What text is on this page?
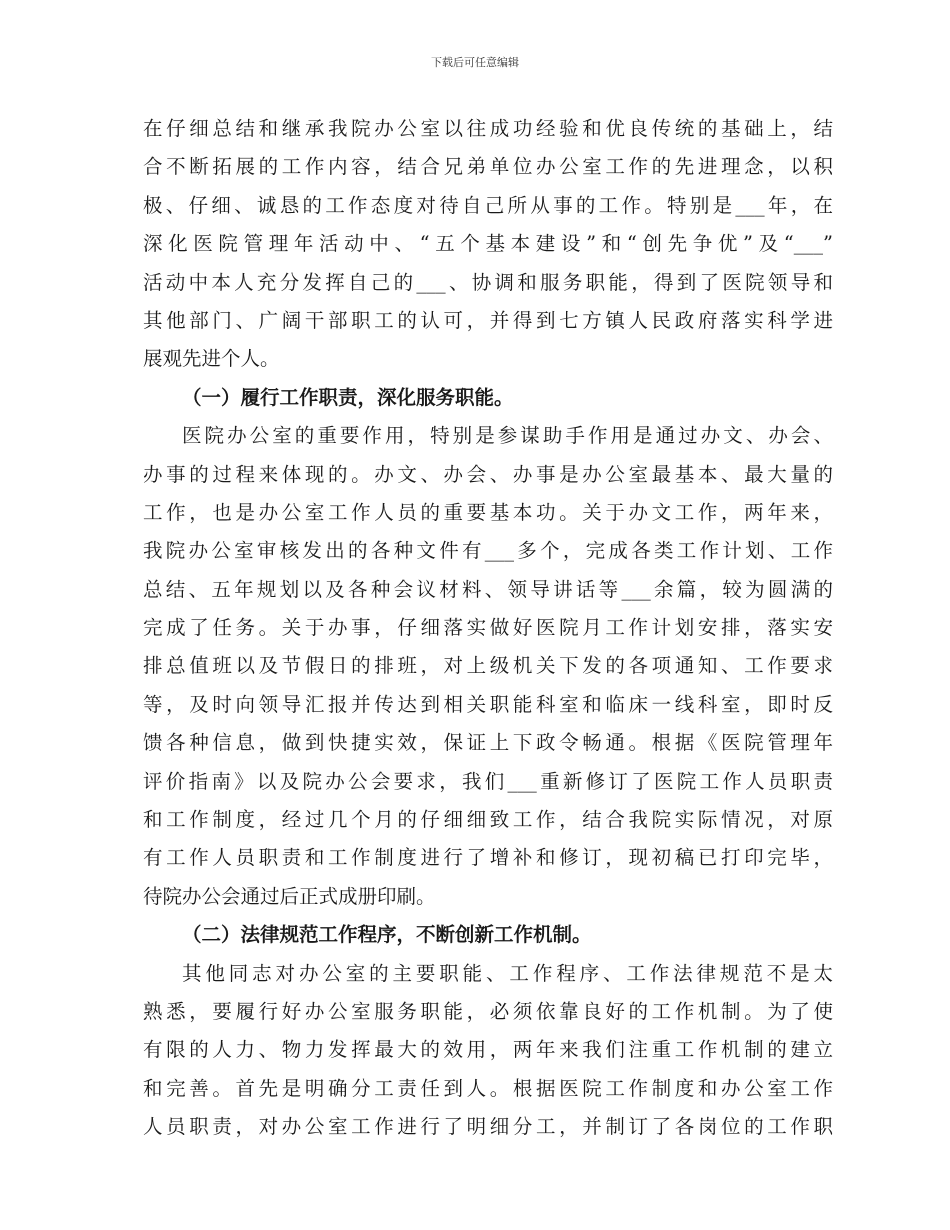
下载后可任意编辑
在仔细总结和继承我院办公室以往成功经验和优良传统的基础上，结
合不断拓展的工作内容，结合兄弟单位办公室工作的先进理念，以积
极、仔细、诚恳的工作态度对待自己所从事的工作。特别是___年，在
深化医院管理年活动中、“五个基本建设”和“创先争优”及“___”
活动中本人充分发挥自己的___、协调和服务职能，得到了医院领导和
其他部门、广阔干部职工的认可，并得到七方镇人民政府落实科学进
展观先进个人。
（一）履行工作职责，深化服务职能。
医院办公室的重要作用，特别是参谋助手作用是通过办文、办会、
办事的过程来体现的。办文、办会、办事是办公室最基本、最大量的
工作，也是办公室工作人员的重要基本功。关于办文工作，两年来，
我院办公室审核发出的各种文件有___多个，完成各类工作计划、工作
总结、五年规划以及各种会议材料、领导讲话等___余篇，较为圆满的
完成了任务。关于办事，仔细落实做好医院月工作计划安排，落实安
排总值班以及节假日的排班，对上级机关下发的各项通知、工作要求
等，及时向领导汇报并传达到相关职能科室和临床一线科室，即时反
馈各种信息，做到快捷实效，保证上下政令畅通。根据《医院管理年
评价指南》以及院办公会要求，我们___重新修订了医院工作人员职责
和工作制度，经过几个月的仔细细致工作，结合我院实际情况，对原
有工作人员职责和工作制度进行了增补和修订，现初稿已打印完毕，
待院办公会通过后正式成册印刷。
（二）法律规范工作程序，不断创新工作机制。
其他同志对办公室的主要职能、工作程序、工作法律规范不是太
熟悉，要履行好办公室服务职能，必须依靠良好的工作机制。为了使
有限的人力、物力发挥最大的效用，两年来我们注重工作机制的建立
和完善。首先是明确分工责任到人。根据医院工作制度和办公室工作
人员职责，对办公室工作进行了明细分工，并制订了各岗位的工作职
